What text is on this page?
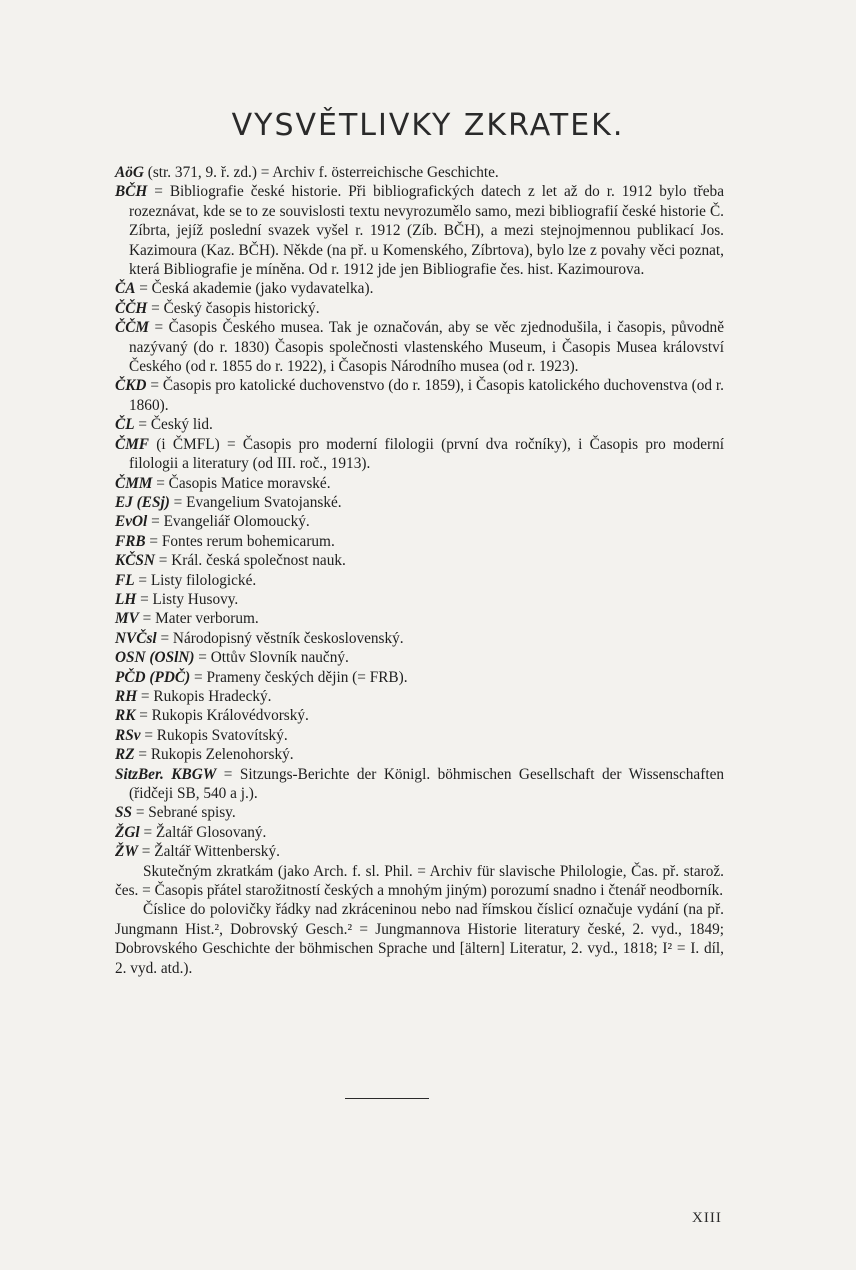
VYSVĚTLIVKY ZKRATEK.
AöG (str. 371, 9. ř. zd.) = Archiv f. österreichische Geschichte.
BČH = Bibliografie české historie. Při bibliografických datech z let až do r. 1912 bylo třeba rozeznávat, kde se to ze souvislosti textu nevyrozumělo samo, mezi bibliografií české historie Č. Zíbrta, jejíž poslední svazek vyšel r. 1912 (Zíb. BČH), a mezi stejnojmennou publikací Jos. Kazimoura (Kaz. BČH). Někde (na př. u Komenského, Zíbrtova), bylo lze z povahy věci poznat, která Bibliografie je míněna. Od r. 1912 jde jen Bibliografie čes. hist. Kazimourova.
ČA = Česká akademie (jako vydavatelka).
ČČH = Český časopis historický.
ČČM = Časopis Českého musea. Tak je označován, aby se věc zjednodušila, i časopis, původně nazývaný (do r. 1830) Časopis společnosti vlastenského Museum, i Časopis Musea království Českého (od r. 1855 do r. 1922), i Časopis Národního musea (od r. 1923).
ČKD = Časopis pro katolické duchovenstvo (do r. 1859), i Časopis katolického duchovenstva (od r. 1860).
ČL = Český lid.
ČMF (i ČMFL) = Časopis pro moderní filologii (první dva ročníky), i Časopis pro moderní filologii a literatury (od III. roč., 1913).
ČMM = Časopis Matice moravské.
EJ (ESj) = Evangelium Svatojanské.
EvOl = Evangeliář Olomoucký.
FRB = Fontes rerum bohemicarum.
KČSN = Král. česká společnost nauk.
FL = Listy filologické.
LH = Listy Husovy.
MV = Mater verborum.
NVČsl = Národopisný věstník československý.
OSN (OSlN) = Ottův Slovník naučný.
PČD (PDČ) = Prameny českých dějin (= FRB).
RH = Rukopis Hradecký.
RK = Rukopis Královédvorský.
RSv = Rukopis Svatovítský.
RZ = Rukopis Zelenohorský.
SitzBer. KBGW = Sitzungs-Berichte der Königl. böhmischen Gesellschaft der Wissenschaften (řidčeji SB, 540 a j.).
SS = Sebrané spisy.
ŽGl = Žaltář Glosovaný.
ŽW = Žaltář Wittenberský.

Skutečným zkratkám (jako Arch. f. sl. Phil. = Archiv für slavische Philologie, Čas. př. starož. čes. = Časopis přátel starožitností českých a mnohým jiným) porozumí snadno i čtenář neodborník.

Číslice do polovičky řádky nad zkráceninou nebo nad římskou číslicí označuje vydání (na př. Jungmann Hist.², Dobrovský Gesch.² = Jungmannova Historie literatury české, 2. vyd., 1849; Dobrovského Geschichte der böhmischen Sprache und [ältern] Literatur, 2. vyd., 1818; I² = I. díl, 2. vyd. atd.).

XIII
